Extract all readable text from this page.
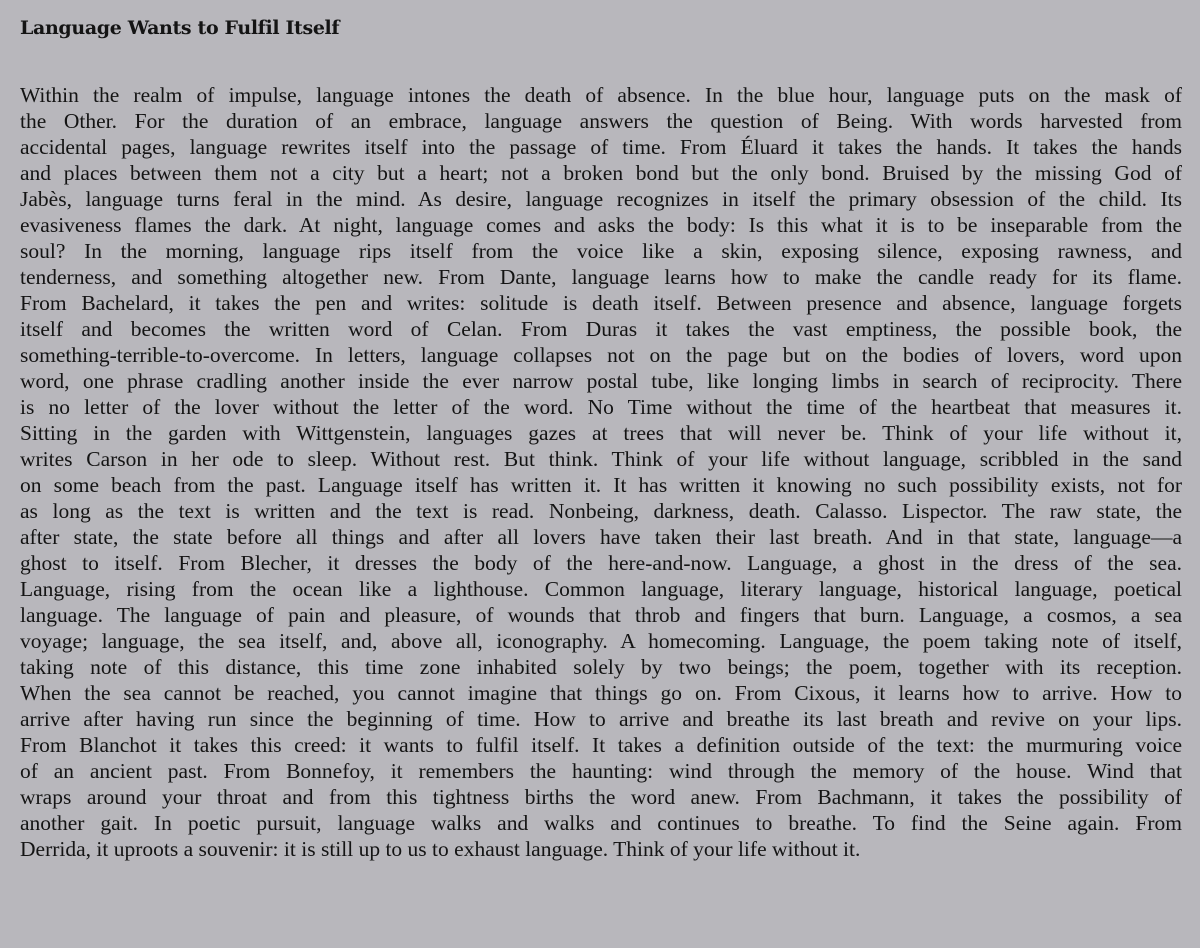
Language Wants to Fulfil Itself
Within the realm of impulse, language intones the death of absence. In the blue hour, language puts on the mask of
the Other. For the duration of an embrace, language answers the question of Being. With words harvested from
accidental pages, language rewrites itself into the passage of time. From Éluard it takes the hands. It takes the hands
and places between them not a city but a heart; not a broken bond but the only bond. Bruised by the missing God of
Jabès, language turns feral in the mind. As desire, language recognizes in itself the primary obsession of the child. Its
evasiveness flames the dark. At night, language comes and asks the body: Is this what it is to be inseparable from the
soul? In the morning, language rips itself from the voice like a skin, exposing silence, exposing rawness, and
tenderness, and something altogether new. From Dante, language learns how to make the candle ready for its flame.
From Bachelard, it takes the pen and writes: solitude is death itself. Between presence and absence, language forgets
itself and becomes the written word of Celan. From Duras it takes the vast emptiness, the possible book, the
something-terrible-to-overcome. In letters, language collapses not on the page but on the bodies of lovers, word upon
word, one phrase cradling another inside the ever narrow postal tube, like longing limbs in search of reciprocity. There
is no letter of the lover without the letter of the word. No Time without the time of the heartbeat that measures it.
Sitting in the garden with Wittgenstein, languages gazes at trees that will never be. Think of your life without it,
writes Carson in her ode to sleep. Without rest. But think. Think of your life without language, scribbled in the sand
on some beach from the past. Language itself has written it. It has written it knowing no such possibility exists, not for
as long as the text is written and the text is read. Nonbeing, darkness, death. Calasso. Lispector. The raw state, the
after state, the state before all things and after all lovers have taken their last breath. And in that state, language—a
ghost to itself. From Blecher, it dresses the body of the here-and-now. Language, a ghost in the dress of the sea.
Language, rising from the ocean like a lighthouse. Common language, literary language, historical language, poetical
language. The language of pain and pleasure, of wounds that throb and fingers that burn. Language, a cosmos, a sea
voyage; language, the sea itself, and, above all, iconography. A homecoming. Language, the poem taking note of itself,
taking note of this distance, this time zone inhabited solely by two beings; the poem, together with its reception.
When the sea cannot be reached, you cannot imagine that things go on. From Cixous, it learns how to arrive. How to
arrive after having run since the beginning of time. How to arrive and breathe its last breath and revive on your lips.
From Blanchot it takes this creed: it wants to fulfil itself. It takes a definition outside of the text: the murmuring voice
of an ancient past. From Bonnefoy, it remembers the haunting: wind through the memory of the house. Wind that
wraps around your throat and from this tightness births the word anew. From Bachmann, it takes the possibility of
another gait. In poetic pursuit, language walks and walks and continues to breathe. To find the Seine again. From
Derrida, it uproots a souvenir: it is still up to us to exhaust language. Think of your life without it.
